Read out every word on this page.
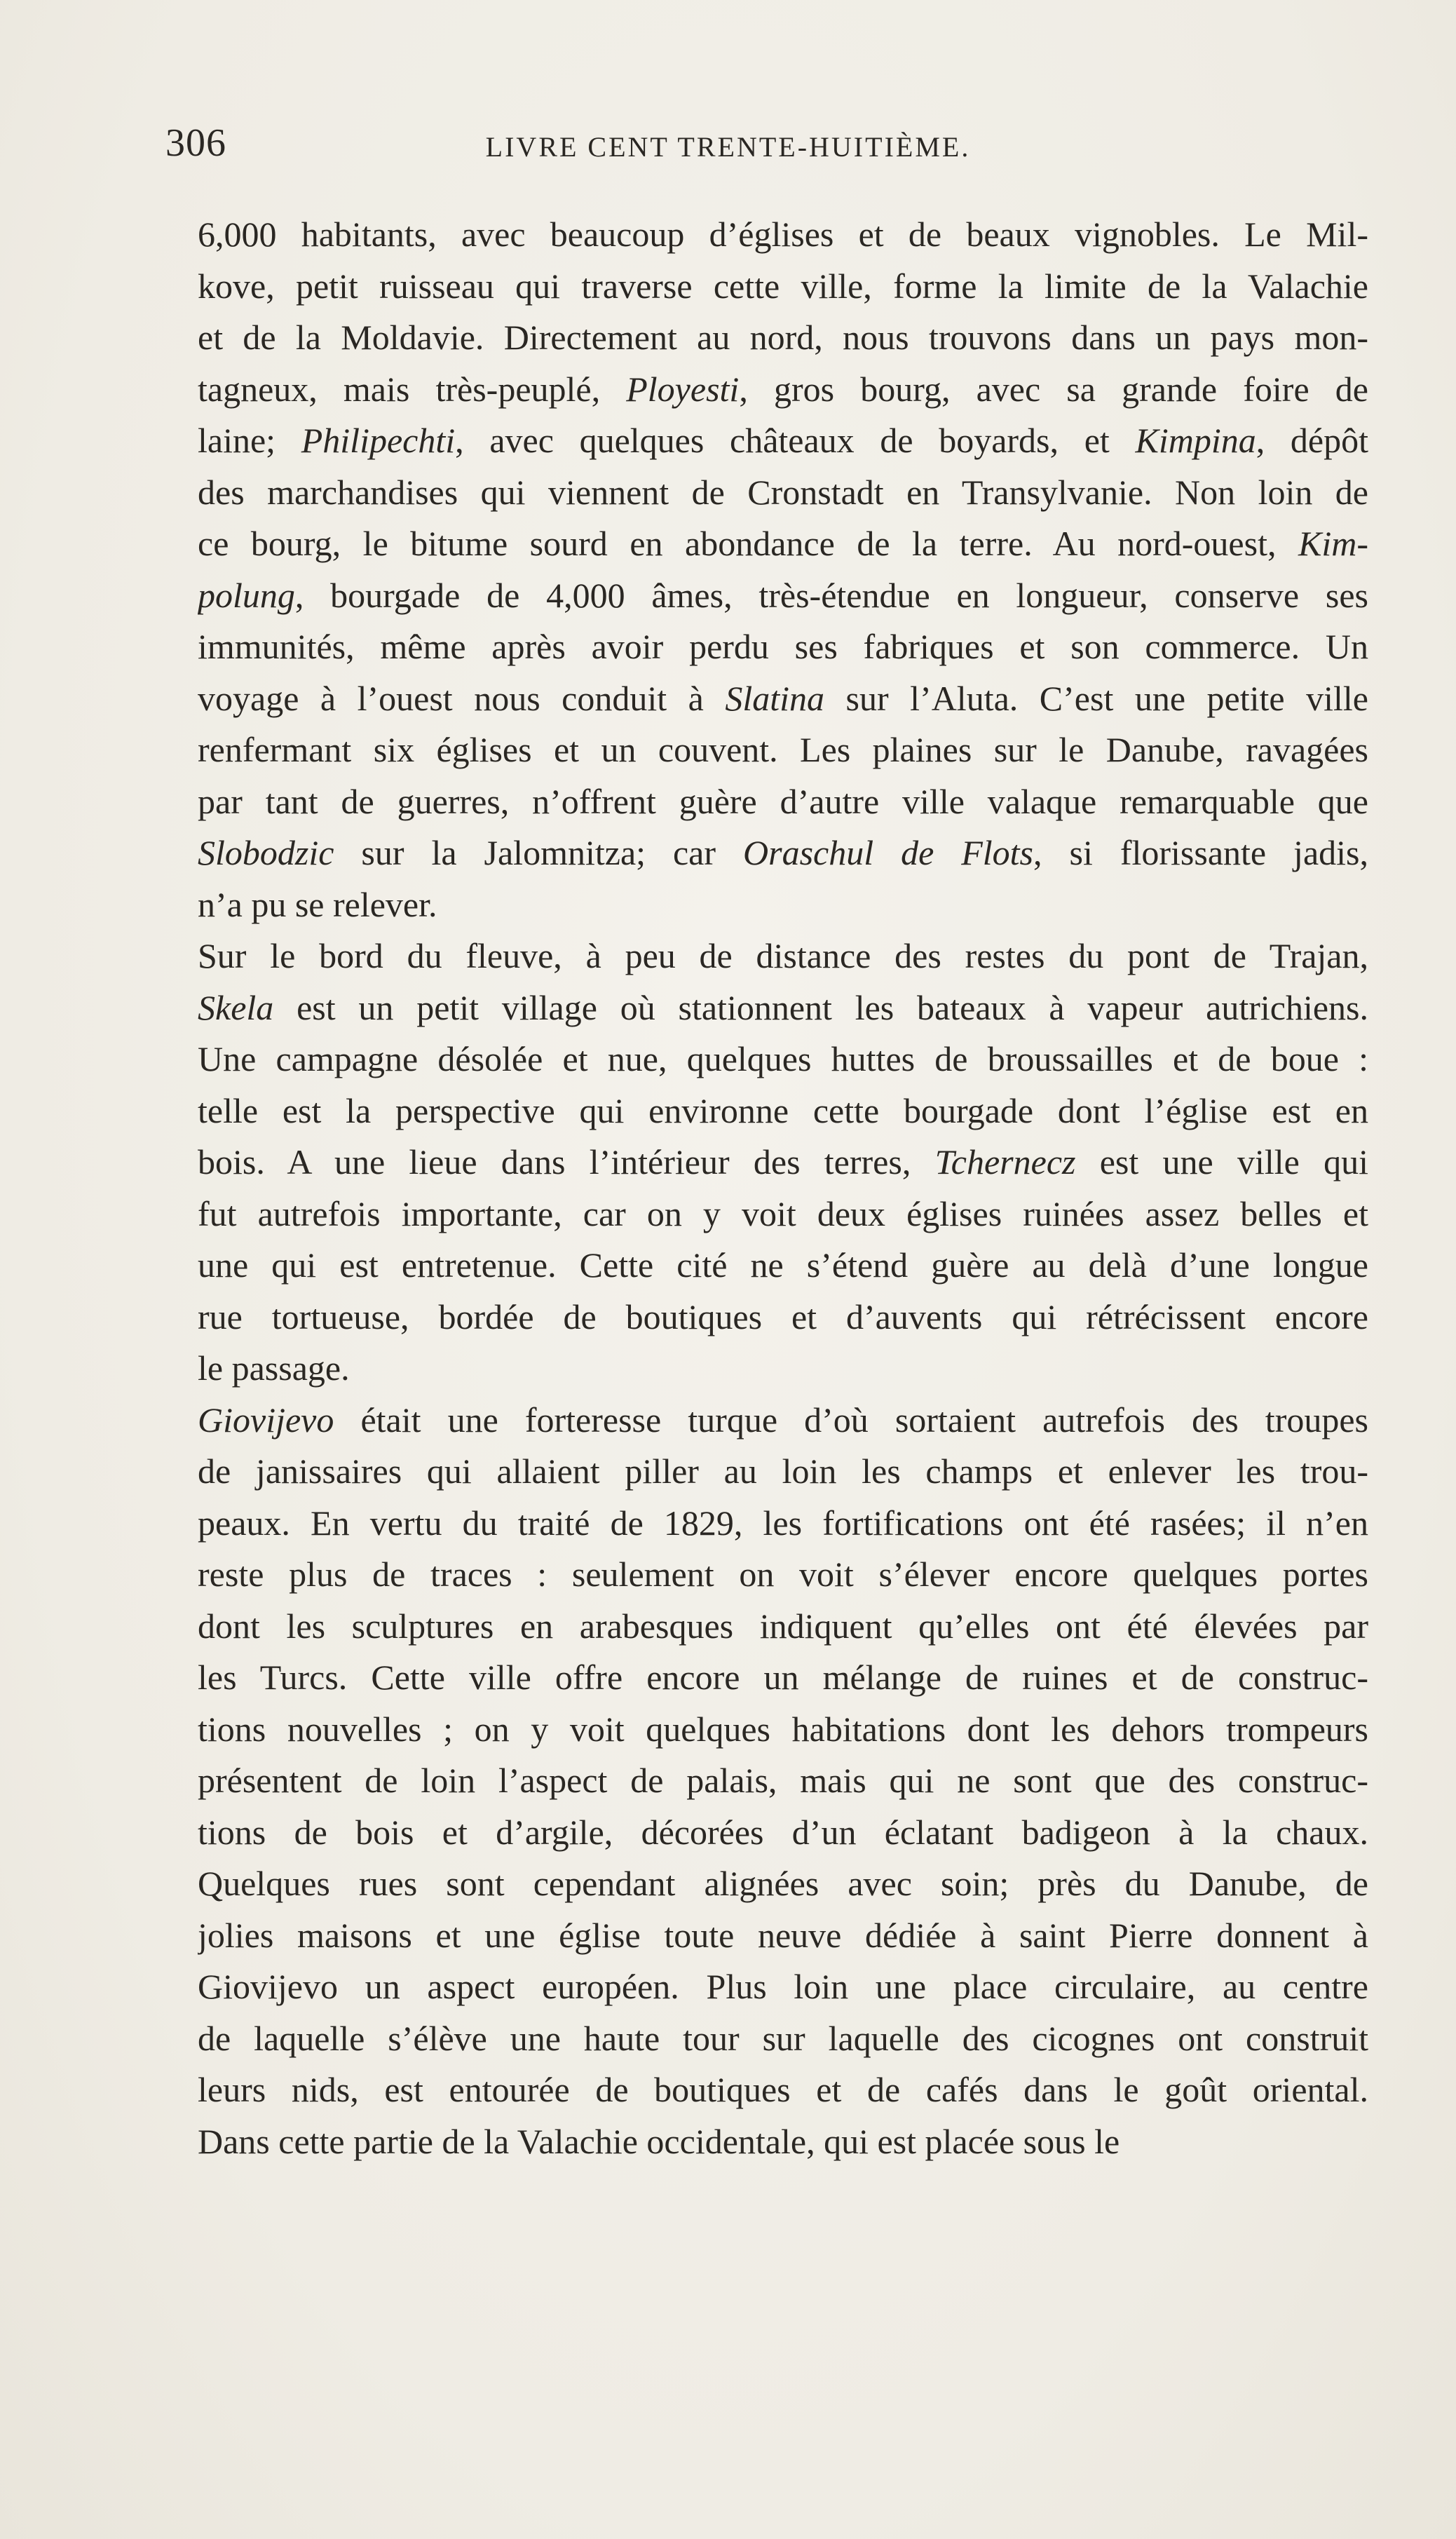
306	LIVRE CENT TRENTE-HUITIÈME.
6,000 habitants, avec beaucoup d’églises et de beaux vignobles. Le Mil-
kove, petit ruisseau qui traverse cette ville, forme la limite de la Valachie
et de la Moldavie. Directement au nord, nous trouvons dans un pays mon-
tagneux, mais très-peuplé, Ployesti, gros bourg, avec sa grande foire de
laine; Philipechti, avec quelques châteaux de boyards, et Kimpina, dépôt
des marchandises qui viennent de Cronstadt en Transylvanie. Non loin de
ce bourg, le bitume sourd en abondance de la terre. Au nord-ouest, Kim-
polung, bourgade de 4,000 âmes, très-étendue en longueur, conserve ses
immunités, même après avoir perdu ses fabriques et son commerce. Un
voyage à l’ouest nous conduit à Slatina sur l’Aluta. C’est une petite ville
renfermant six églises et un couvent. Les plaines sur le Danube, ravagées
par tant de guerres, n’offrent guère d’autre ville valaque remarquable que
Slobodzic sur la Jalomnitza; car Oraschul de Flots, si florissante jadis,
n’a pu se relever.
Sur le bord du fleuve, à peu de distance des restes du pont de Trajan,
Skela est un petit village où stationnent les bateaux à vapeur autrichiens.
Une campagne désolée et nue, quelques huttes de broussailles et de boue :
telle est la perspective qui environne cette bourgade dont l’église est en
bois. A une lieue dans l’intérieur des terres, Tchernecz est une ville qui
fut autrefois importante, car on y voit deux églises ruinées assez belles et
une qui est entretenue. Cette cité ne s’étend guère au delà d’une longue
rue tortueuse, bordée de boutiques et d’auvents qui rétrécissent encore
le passage.
Giovijevo était une forteresse turque d’où sortaient autrefois des troupes
de janissaires qui allaient piller au loin les champs et enlever les trou-
peaux. En vertu du traité de 1829, les fortifications ont été rasées; il n’en
reste plus de traces : seulement on voit s’élever encore quelques portes
dont les sculptures en arabesques indiquent qu’elles ont été élevées par
les Turcs. Cette ville offre encore un mélange de ruines et de construc-
tions nouvelles ; on y voit quelques habitations dont les dehors trompeurs
présentent de loin l’aspect de palais, mais qui ne sont que des construc-
tions de bois et d’argile, décorées d’un éclatant badigeon à la chaux.
Quelques rues sont cependant alignées avec soin; près du Danube, de
jolies maisons et une église toute neuve dédiée à saint Pierre donnent à
Giovijevo un aspect européen. Plus loin une place circulaire, au centre
de laquelle s’élève une haute tour sur laquelle des cicognes ont construit
leurs nids, est entourée de boutiques et de cafés dans le goût oriental.
Dans cette partie de la Valachie occidentale, qui est placée sous le
